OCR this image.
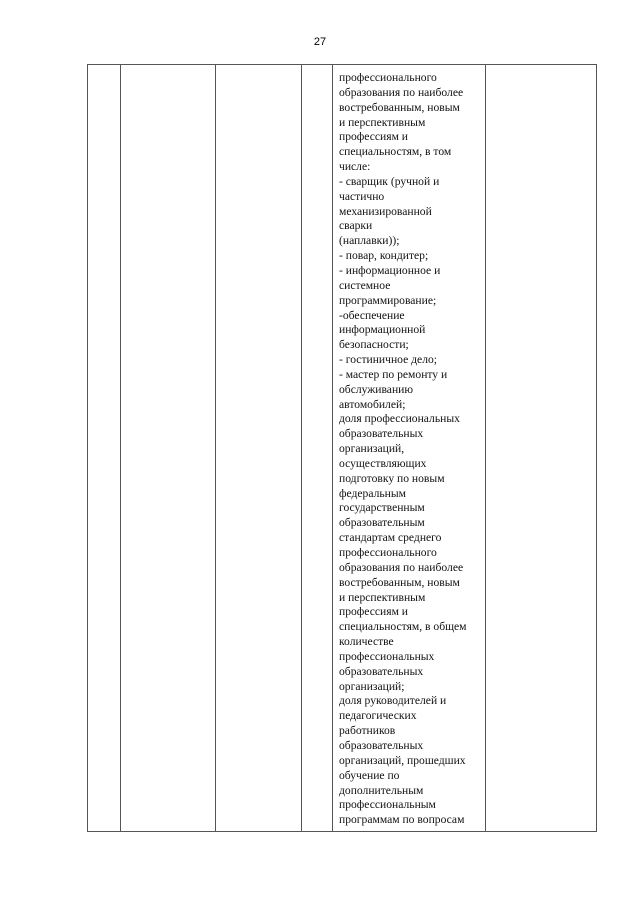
27
профессионального
образования по наиболее
востребованным, новым
и перспективным
профессиям и
специальностям, в том
числе:
- сварщик (ручной и
частично
механизированной
сварки
(наплавки));
- повар, кондитер;
- информационное и
системное
программирование;
-обеспечение
информационной
безопасности;
- гостиничное дело;
- мастер по ремонту и
обслуживанию
автомобилей;
доля профессиональных
образовательных
организаций,
осуществляющих
подготовку по новым
федеральным
государственным
образовательным
стандартам среднего
профессионального
образования по наиболее
востребованным, новым
и перспективным
профессиям и
специальностям, в общем
количестве
профессиональных
образовательных
организаций;
доля руководителей и
педагогических
работников
образовательных
организаций, прошедших
обучение по
дополнительным
профессиональным
программам по вопросам
